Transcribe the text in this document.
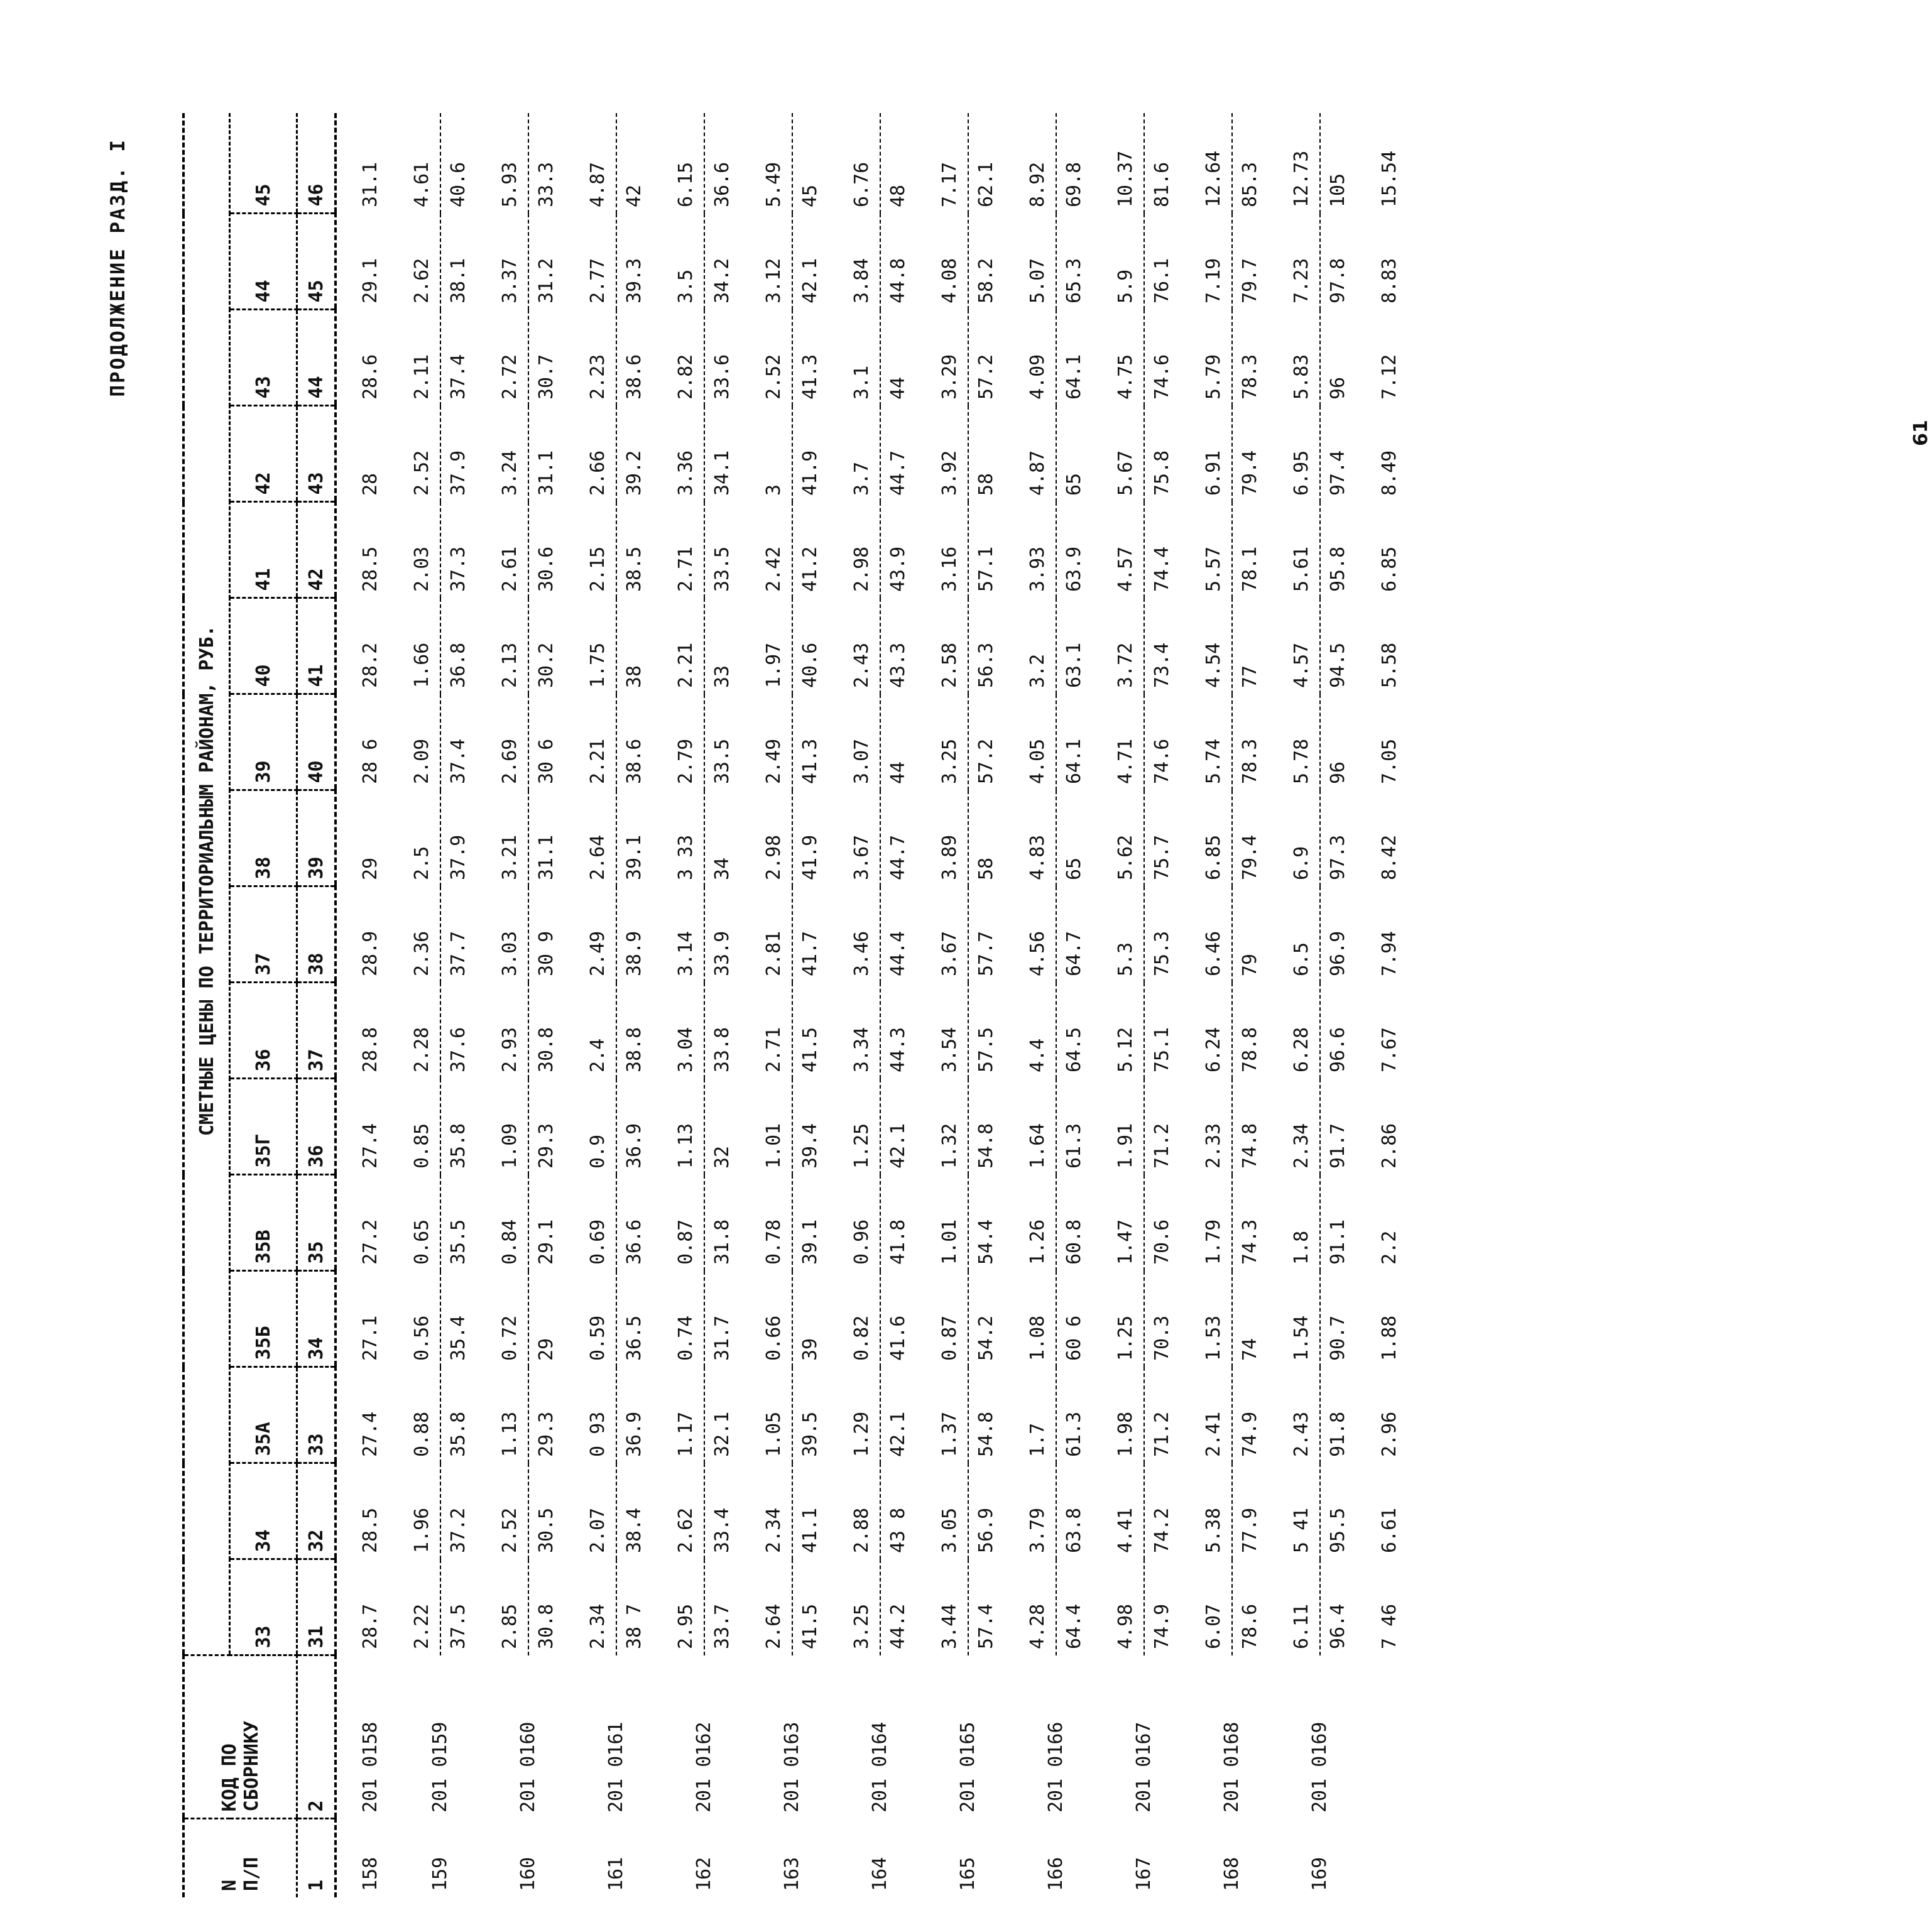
ПРОДОЛЖЕНИЕ РАЗД. I
N
П/П	КОД ПО
СБОРНИКУ	СМЕТНЫЕ ЦЕНЫ ПО ТЕРРИТОРИАЛЬНЫМ РАЙОНАМ, РУБ.															
		33	34	35А	35Б	35В	35Г	36	37	38	39	40	41	42	43	44	45
1	2	31	32	33	34	35	36	37	38	39	40	41	42	43	44	45	46
158	201 0158	28.7	28.5	27.4	27.1	27.2	27.4	28.8	28.9	29	28 6	28.2	28.5	28	28.6	29.1	31.1
159	201 0159	2.22	1.96	0.88	0.56	0.65	0.85	2.28	2.36	2.5	2.09	1.66	2.03	2.52	2.11	2.62	4.61
		37.5	37.2	35.8	35.4	35.5	35.8	37.6	37.7	37.9	37.4	36.8	37.3	37.9	37.4	38.1	40.6
160	201 0160	2.85	2.52	1.13	0.72	0.84	1.09	2.93	3.03	3.21	2.69	2.13	2.61	3.24	2.72	3.37	5.93
		30.8	30.5	29.3	29	29.1	29.3	30.8	30 9	31.1	30 6	30.2	30.6	31.1	30.7	31.2	33.3
161	201 0161	2.34	2.07	0 93	0.59	0.69	0.9	2.4	2.49	2.64	2.21	1.75	2.15	2.66	2.23	2.77	4.87
		38 7	38.4	36.9	36.5	36.6	36.9	38.8	38.9	39.1	38.6	38	38.5	39.2	38.6	39.3	42
162	201 0162	2.95	2.62	1.17	0.74	0.87	1.13	3.04	3.14	3 33	2.79	2.21	2.71	3.36	2.82	3.5	6.15
		33.7	33.4	32.1	31.7	31.8	32	33.8	33.9	34	33.5	33	33.5	34.1	33.6	34.2	36.6
163	201 0163	2.64	2.34	1.05	0.66	0.78	1.01	2.71	2.81	2.98	2.49	1.97	2.42	3	2.52	3.12	5.49
		41.5	41.1	39.5	39	39.1	39.4	41.5	41.7	41.9	41.3	40.6	41.2	41.9	41.3	42.1	45
164	201 0164	3.25	2.88	1.29	0.82	0.96	1.25	3.34	3.46	3.67	3.07	2.43	2.98	3.7	3.1	3.84	6.76
		44.2	43 8	42.1	41.6	41.8	42.1	44.3	44.4	44.7	44	43.3	43.9	44.7	44	44.8	48
165	201 0165	3.44	3.05	1.37	0.87	1.01	1.32	3.54	3.67	3.89	3.25	2.58	3.16	3.92	3.29	4.08	7.17
		57.4	56.9	54.8	54.2	54.4	54.8	57.5	57.7	58	57.2	56.3	57.1	58	57.2	58.2	62.1
166	201 0166	4.28	3.79	1.7	1.08	1.26	1.64	4.4	4.56	4.83	4.05	3.2	3.93	4.87	4.09	5.07	8.92
		64.4	63.8	61.3	60 6	60.8	61.3	64.5	64.7	65	64.1	63.1	63.9	65	64.1	65.3	69.8
167	201 0167	4.98	4.41	1.98	1.25	1.47	1.91	5.12	5.3	5.62	4.71	3.72	4.57	5.67	4.75	5.9	10.37
		74.9	74.2	71.2	70.3	70.6	71.2	75.1	75.3	75.7	74.6	73.4	74.4	75.8	74.6	76.1	81.6
168	201 0168	6.07	5.38	2.41	1.53	1.79	2.33	6.24	6.46	6.85	5.74	4.54	5.57	6.91	5.79	7.19	12.64
		78.6	77.9	74.9	74	74.3	74.8	78.8	79	79.4	78.3	77	78.1	79.4	78.3	79.7	85.3
169	201 0169	6.11	5 41	2.43	1.54	1.8	2.34	6.28	6.5	6.9	5.78	4.57	5.61	6.95	5.83	7.23	12.73
		96.4	95.5	91.8	90.7	91.1	91.7	96.6	96.9	97.3	96	94.5	95.8	97.4	96	97.8	105
		7 46	6.61	2.96	1.88	2.2	2.86	7.67	7.94	8.42	7.05	5.58	6.85	8.49	7.12	8.83	15.54
61
